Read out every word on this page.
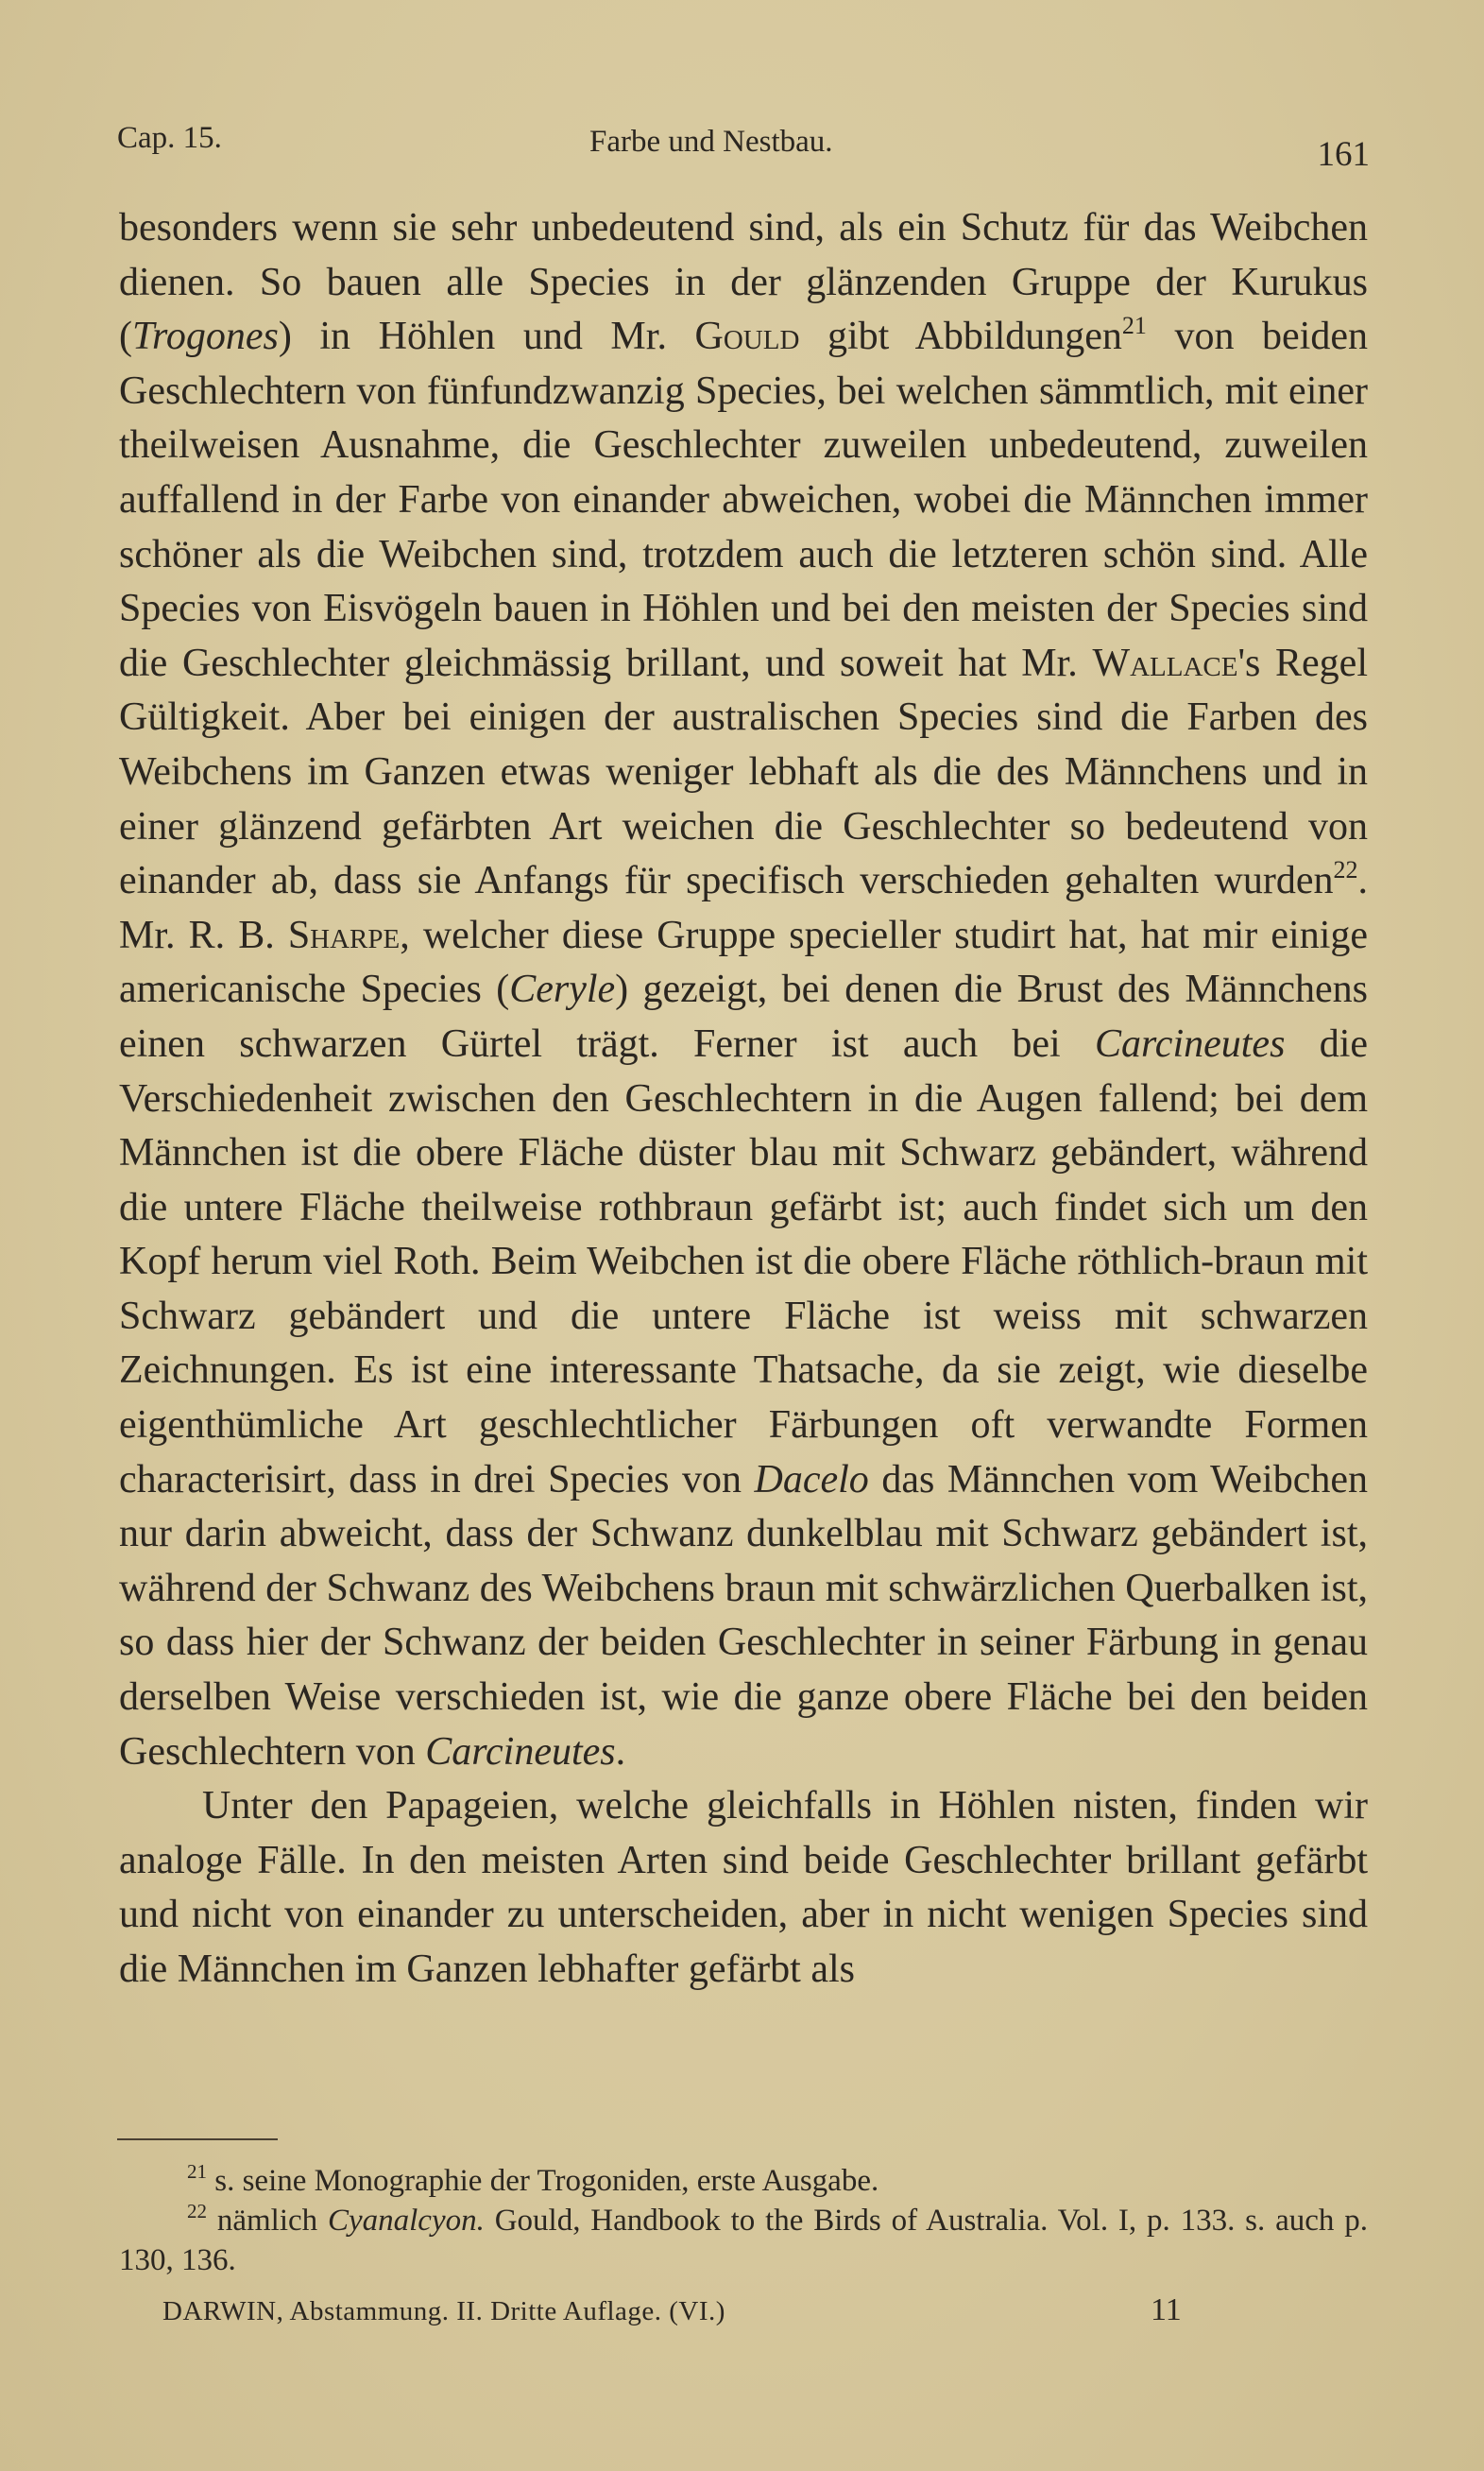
Cap. 15.	Farbe und Nestbau.	161

besonders wenn sie sehr unbedeutend sind, als ein Schutz für das Weibchen dienen. So bauen alle Species in der glänzenden Gruppe der Kurukus (Trogones) in Höhlen und Mr. Gould gibt Abbildungen$^{21}$ von beiden Geschlechtern von fünfundzwanzig Species, bei welchen sämmtlich, mit einer theilweisen Ausnahme, die Geschlechter zuweilen unbedeutend, zuweilen auffallend in der Farbe von einander abweichen, wobei die Männchen immer schöner als die Weibchen sind, trotzdem auch die letzteren schön sind. Alle Species von Eisvögeln bauen in Höhlen und bei den meisten der Species sind die Geschlechter gleichmässig brillant, und soweit hat Mr. Wallace's Regel Gültigkeit. Aber bei einigen der australischen Species sind die Farben des Weibchens im Ganzen etwas weniger lebhaft als die des Männchens und in einer glänzend gefärbten Art weichen die Geschlechter so bedeutend von einander ab, dass sie Anfangs für specifisch verschieden gehalten wurden$^{22}$. Mr. R. B. Sharpe, welcher diese Gruppe specieller studirt hat, hat mir einige americanische Species (Ceryle) gezeigt, bei denen die Brust des Männchens einen schwarzen Gürtel trägt. Ferner ist auch bei Carcineutes die Verschiedenheit zwischen den Geschlechtern in die Augen fallend; bei dem Männchen ist die obere Fläche düster blau mit Schwarz gebändert, während die untere Fläche theilweise rothbraun gefärbt ist; auch findet sich um den Kopf herum viel Roth. Beim Weibchen ist die obere Fläche röthlich-braun mit Schwarz gebändert und die untere Fläche ist weiss mit schwarzen Zeichnungen. Es ist eine interessante Thatsache, da sie zeigt, wie dieselbe eigenthümliche Art geschlechtlicher Färbungen oft verwandte Formen characterisirt, dass in drei Species von Dacelo das Männchen vom Weibchen nur darin abweicht, dass der Schwanz dunkelblau mit Schwarz gebändert ist, während der Schwanz des Weibchens braun mit schwärzlichen Querbalken ist, so dass hier der Schwanz der beiden Geschlechter in seiner Färbung in genau derselben Weise verschieden ist, wie die ganze obere Fläche bei den beiden Geschlechtern von Carcineutes.

Unter den Papageien, welche gleichfalls in Höhlen nisten, finden wir analoge Fälle. In den meisten Arten sind beide Geschlechter brillant gefärbt und nicht von einander zu unterscheiden, aber in nicht wenigen Species sind die Männchen im Ganzen lebhafter gefärbt als

$^{21}$ s. seine Monographie der Trogoniden, erste Ausgabe.

$^{22}$ nämlich Cyanalcyon. Gould, Handbook to the Birds of Australia. Vol. I, p. 133. s. auch p. 130, 136.

DARWIN, Abstammung. II. Dritte Auflage. (VI.)	11
